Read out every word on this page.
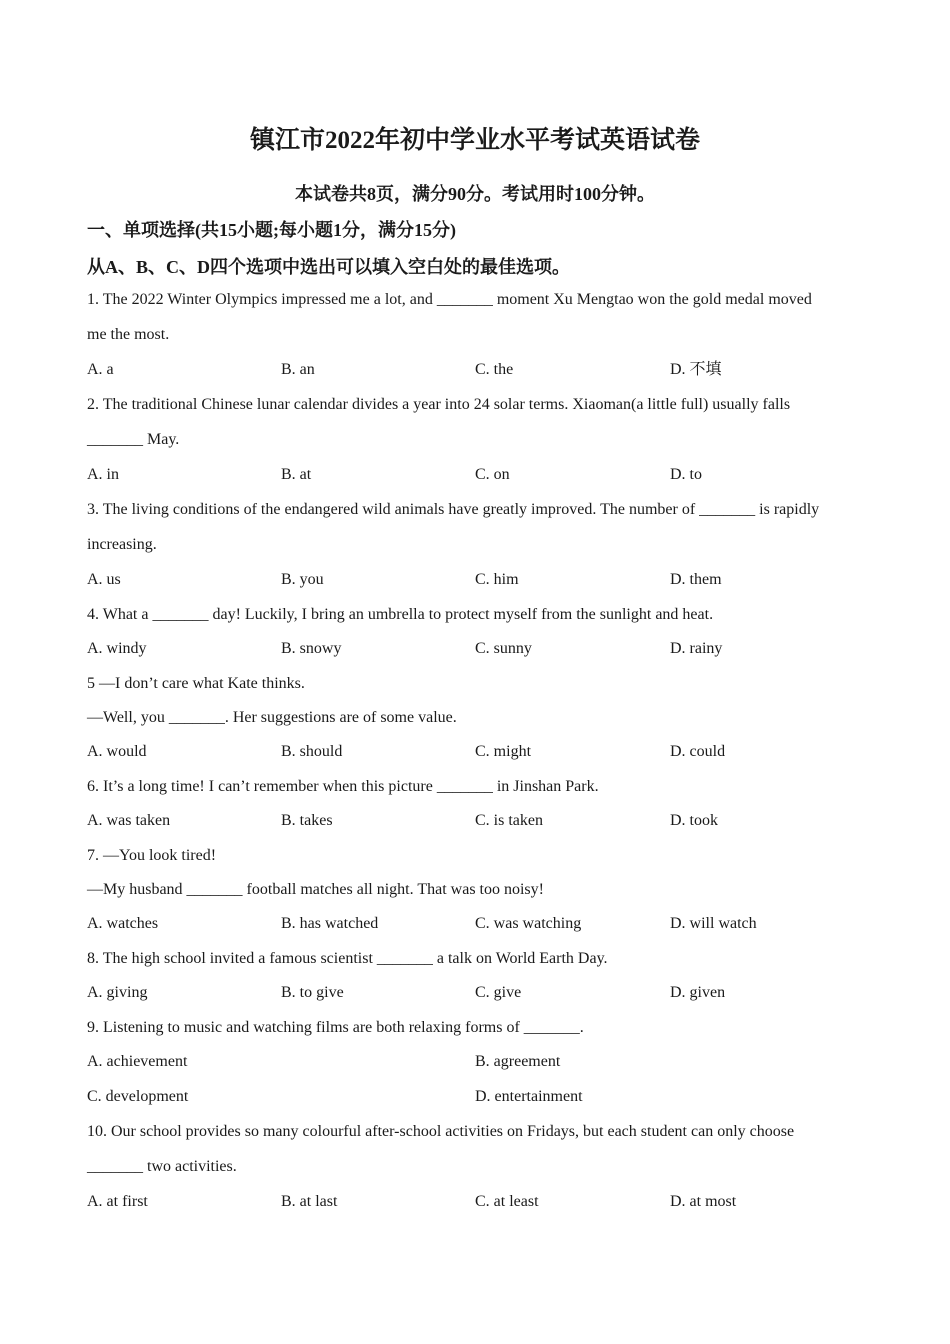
镇江市2022年初中学业水平考试英语试卷
本试卷共8页，满分90分。考试用时100分钟。
一、单项选择(共15小题;每小题1分，满分15分)
从A、B、C、D四个选项中选出可以填入空白处的最佳选项。
1. The 2022 Winter Olympics impressed me a lot, and _______ moment Xu Mengtao won the gold medal moved
me the most.
A. a	B. an	C. the	D. 不填
2. The traditional Chinese lunar calendar divides a year into 24 solar terms. Xiaoman(a little full) usually falls
_______ May.
A. in	B. at	C. on	D. to
3. The living conditions of the endangered wild animals have greatly improved. The number of _______ is rapidly
increasing.
A. us	B. you	C. him	D. them
4. What a _______ day! Luckily, I bring an umbrella to protect myself from the sunlight and heat.
A. windy	B. snowy	C. sunny	D. rainy
5 —I don’t care what Kate thinks.
—Well, you _______. Her suggestions are of some value.
A. would	B. should	C. might	D. could
6. It’s a long time! I can’t remember when this picture _______ in Jinshan Park.
A. was taken	B. takes	C. is taken	D. took
7. —You look tired!
—My husband _______ football matches all night. That was too noisy!
A. watches	B. has watched	C. was watching	D. will watch
8. The high school invited a famous scientist _______ a talk on World Earth Day.
A. giving	B. to give	C. give	D. given
9. Listening to music and watching films are both relaxing forms of _______.
A. achievement	B. agreement
C. development	D. entertainment
10. Our school provides so many colourful after-school activities on Fridays, but each student can only choose
_______ two activities.
A. at first	B. at last	C. at least	D. at most
